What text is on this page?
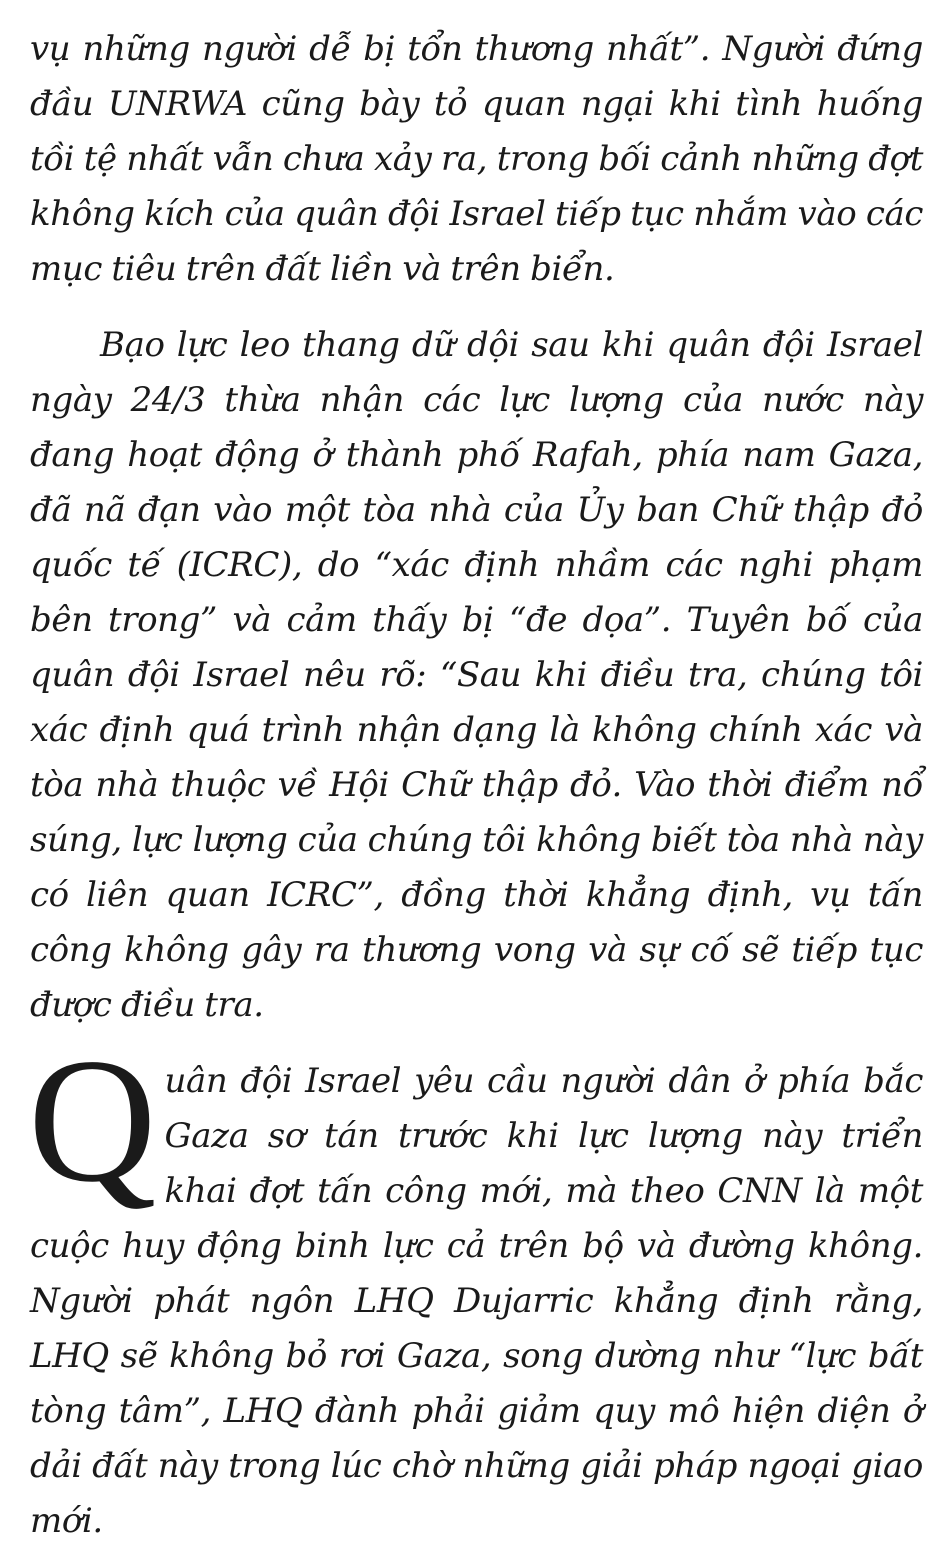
vụ những người dễ bị tổn thương nhất”. Người đứng đầu UNRWA cũng bày tỏ quan ngại khi tình huống tồi tệ nhất vẫn chưa xảy ra, trong bối cảnh những đợt không kích của quân đội Israel tiếp tục nhắm vào các mục tiêu trên đất liền và trên biển.

Bạo lực leo thang dữ dội sau khi quân đội Israel ngày 24/3 thừa nhận các lực lượng của nước này đang hoạt động ở thành phố Rafah, phía nam Gaza, đã nã đạn vào một tòa nhà của Ủy ban Chữ thập đỏ quốc tế (ICRC), do “xác định nhầm các nghi phạm bên trong” và cảm thấy bị “đe dọa”. Tuyên bố của quân đội Israel nêu rõ: “Sau khi điều tra, chúng tôi xác định quá trình nhận dạng là không chính xác và tòa nhà thuộc về Hội Chữ thập đỏ. Vào thời điểm nổ súng, lực lượng của chúng tôi không biết tòa nhà này có liên quan ICRC”, đồng thời khẳng định, vụ tấn công không gây ra thương vong và sự cố sẽ tiếp tục được điều tra.

Quân đội Israel yêu cầu người dân ở phía bắc Gaza sơ tán trước khi lực lượng này triển khai đợt tấn công mới, mà theo CNN là một cuộc huy động binh lực cả trên bộ và đường không. Người phát ngôn LHQ Dujarric khẳng định rằng, LHQ sẽ không bỏ rơi Gaza, song dường như “lực bất tòng tâm”, LHQ đành phải giảm quy mô hiện diện ở dải đất này trong lúc chờ những giải pháp ngoại giao mới.
